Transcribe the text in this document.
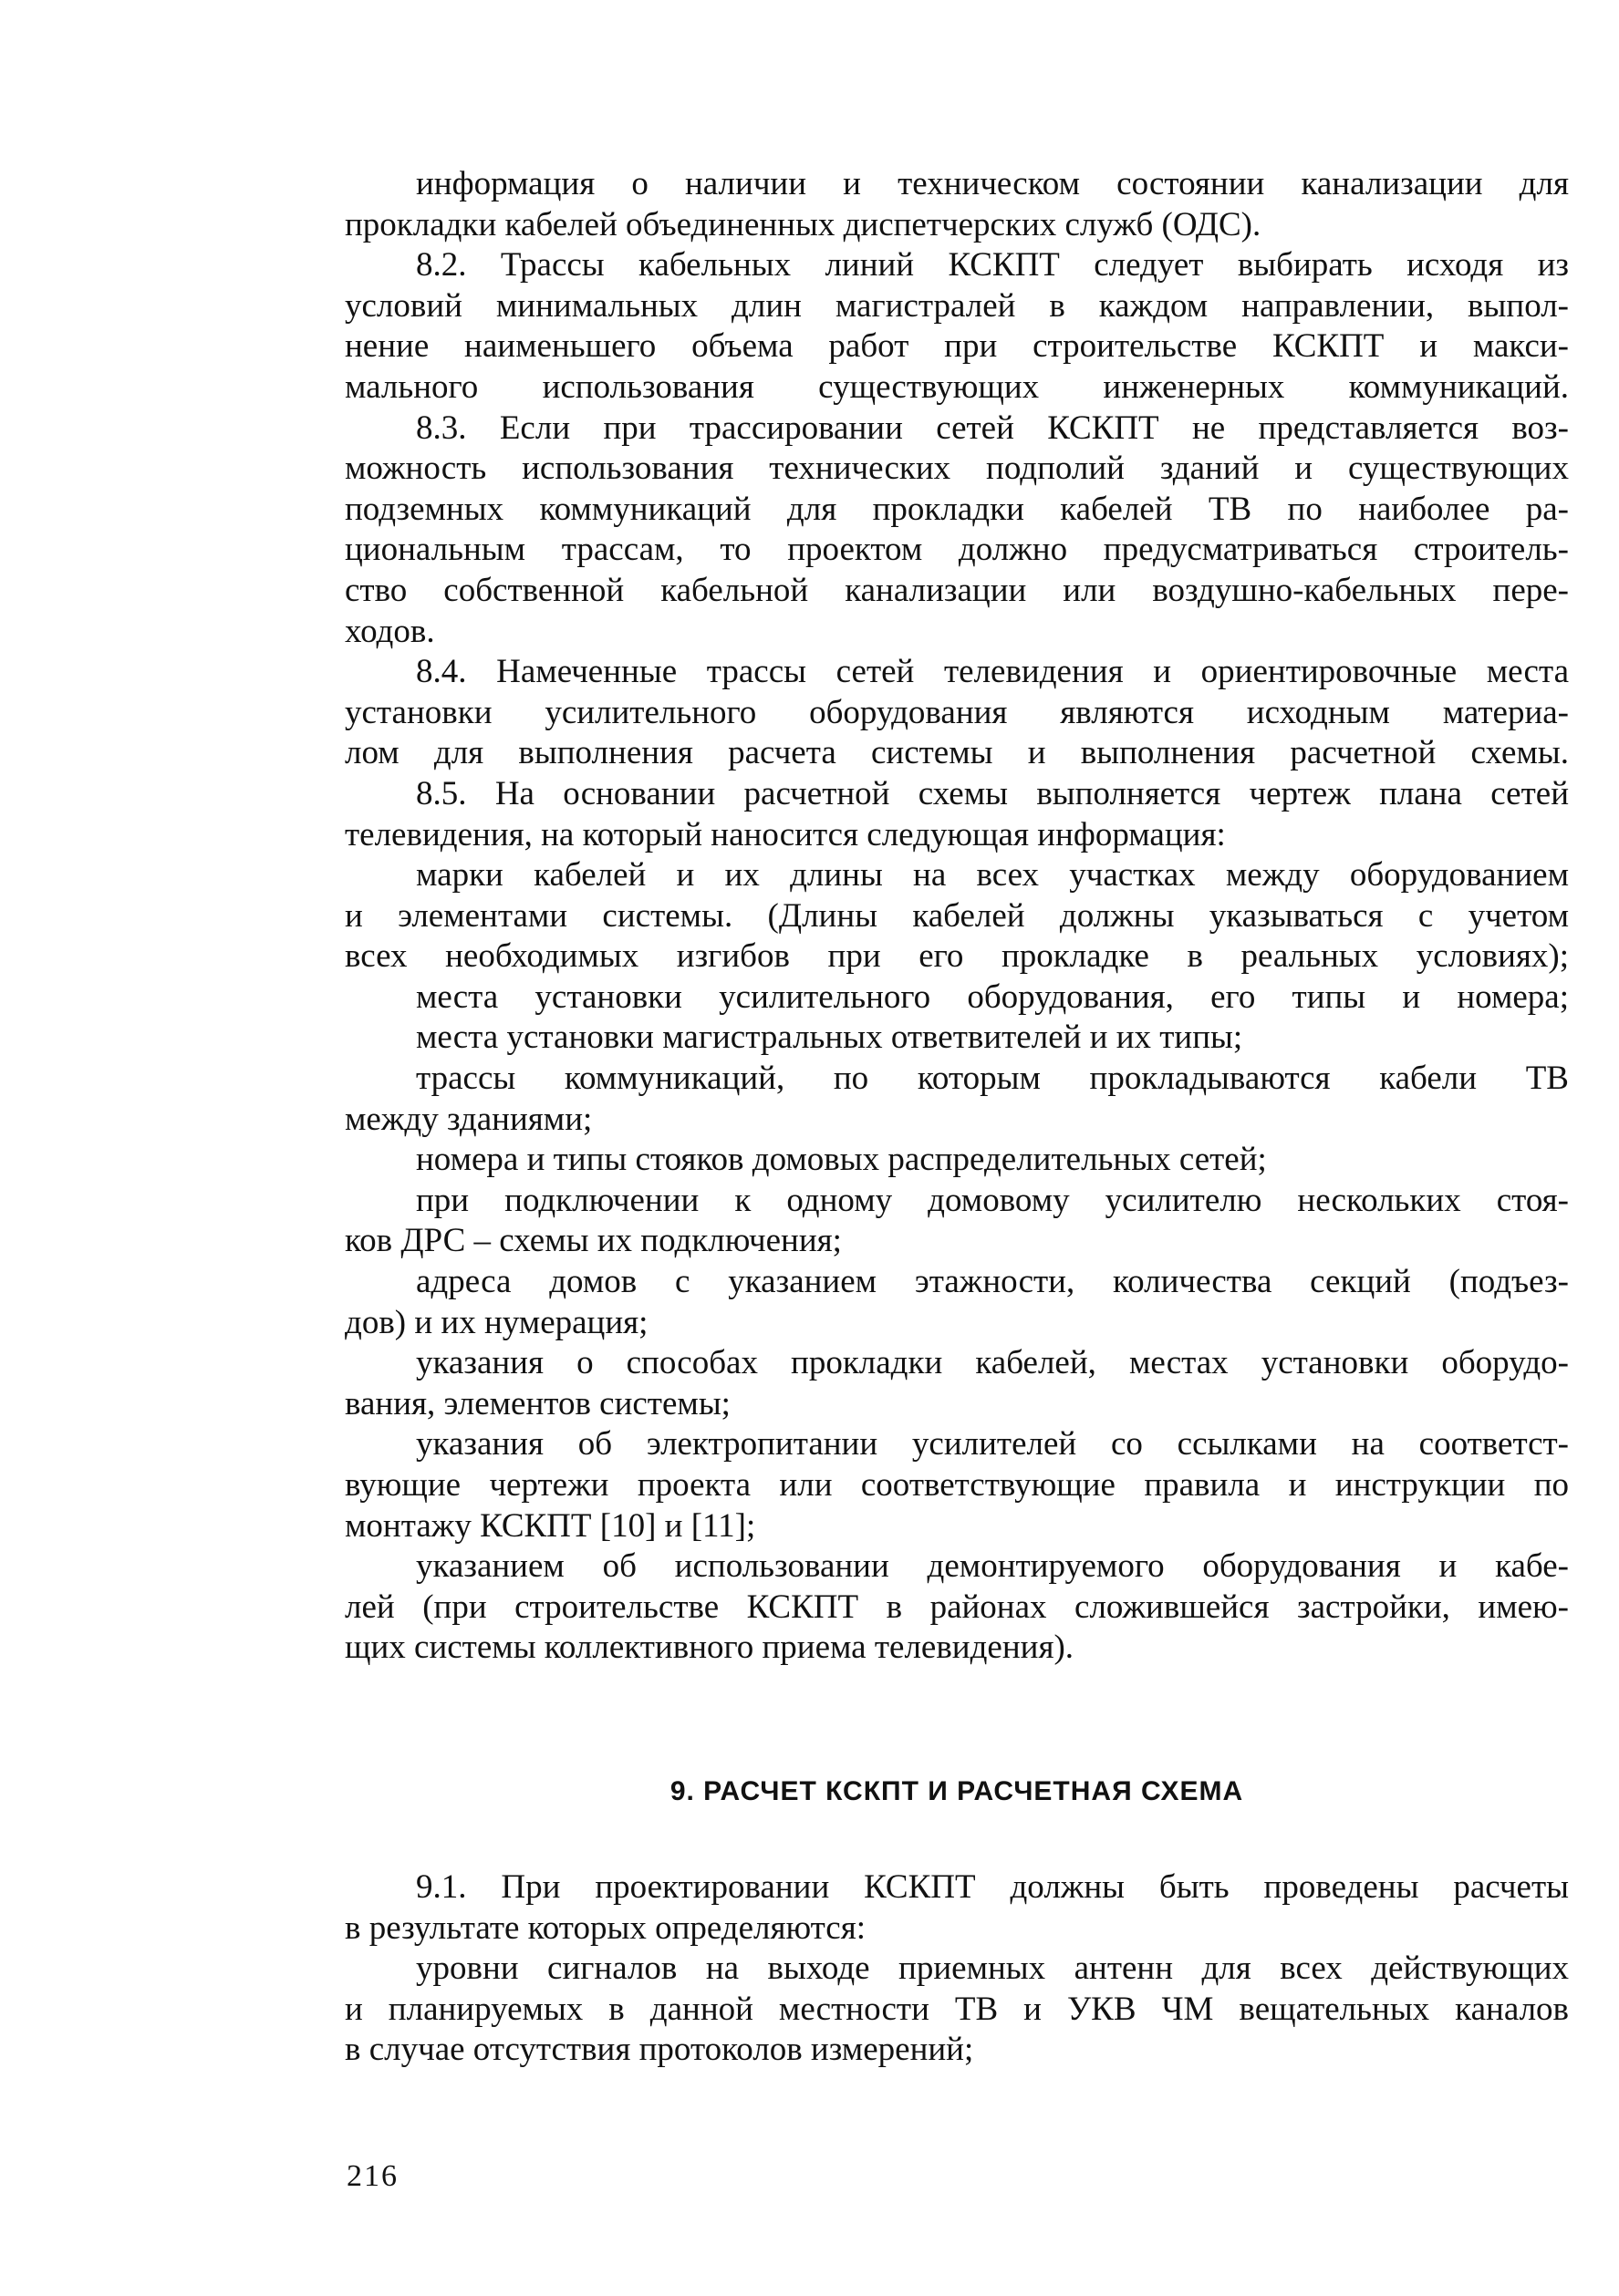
информация о наличии и техническом состоянии канализации для
прокладки кабелей объединенных диспетчерских служб (ОДС).
8.2. Трассы кабельных линий КСКПТ следует выбирать исходя из
условий минимальных длин магистралей в каждом направлении, выпол-
нение наименьшего объема работ при строительстве КСКПТ и макси-
мального использования существующих инженерных коммуникаций.
8.3. Если при трассировании сетей КСКПТ не представляется воз-
можность использования технических подполий зданий и существующих
подземных коммуникаций для прокладки кабелей ТВ по наиболее ра-
циональным трассам, то проектом должно предусматриваться строитель-
ство собственной кабельной канализации или воздушно-кабельных пере-
ходов.
8.4. Намеченные трассы сетей телевидения и ориентировочные места
установки усилительного оборудования являются исходным материа-
лом для выполнения расчета системы и выполнения расчетной схемы.
8.5. На основании расчетной схемы выполняется чертеж плана сетей
телевидения, на который наносится следующая информация:
марки кабелей и их длины на всех участках между оборудованием
и элементами системы. (Длины кабелей должны указываться с учетом
всех необходимых изгибов при его прокладке в реальных условиях);
места установки усилительного оборудования, его типы и номера;
места установки магистральных ответвителей и их типы;
трассы коммуникаций, по которым прокладываются кабели ТВ
между зданиями;
номера и типы стояков домовых распределительных сетей;
при подключении к одному домовому усилителю нескольких стоя-
ков ДРС – схемы их подключения;
адреса домов с указанием этажности, количества секций (подъез-
дов) и их нумерация;
указания о способах прокладки кабелей, местах установки оборудо-
вания, элементов системы;
указания об электропитании усилителей со ссылками на соответст-
вующие чертежи проекта или соответствующие правила и инструкции по
монтажу КСКПТ [10] и [11];
указанием об использовании демонтируемого оборудования и кабе-
лей (при строительстве КСКПТ в районах сложившейся застройки, имею-
щих системы коллективного приема телевидения).
9. РАСЧЕТ КСКПТ И РАСЧЕТНАЯ СХЕМА
9.1. При проектировании КСКПТ должны быть проведены расчеты
в результате которых определяются:
уровни сигналов на выходе приемных антенн для всех действующих
и планируемых в данной местности ТВ и УКВ ЧМ вещательных каналов
в случае отсутствия протоколов измерений;
216
